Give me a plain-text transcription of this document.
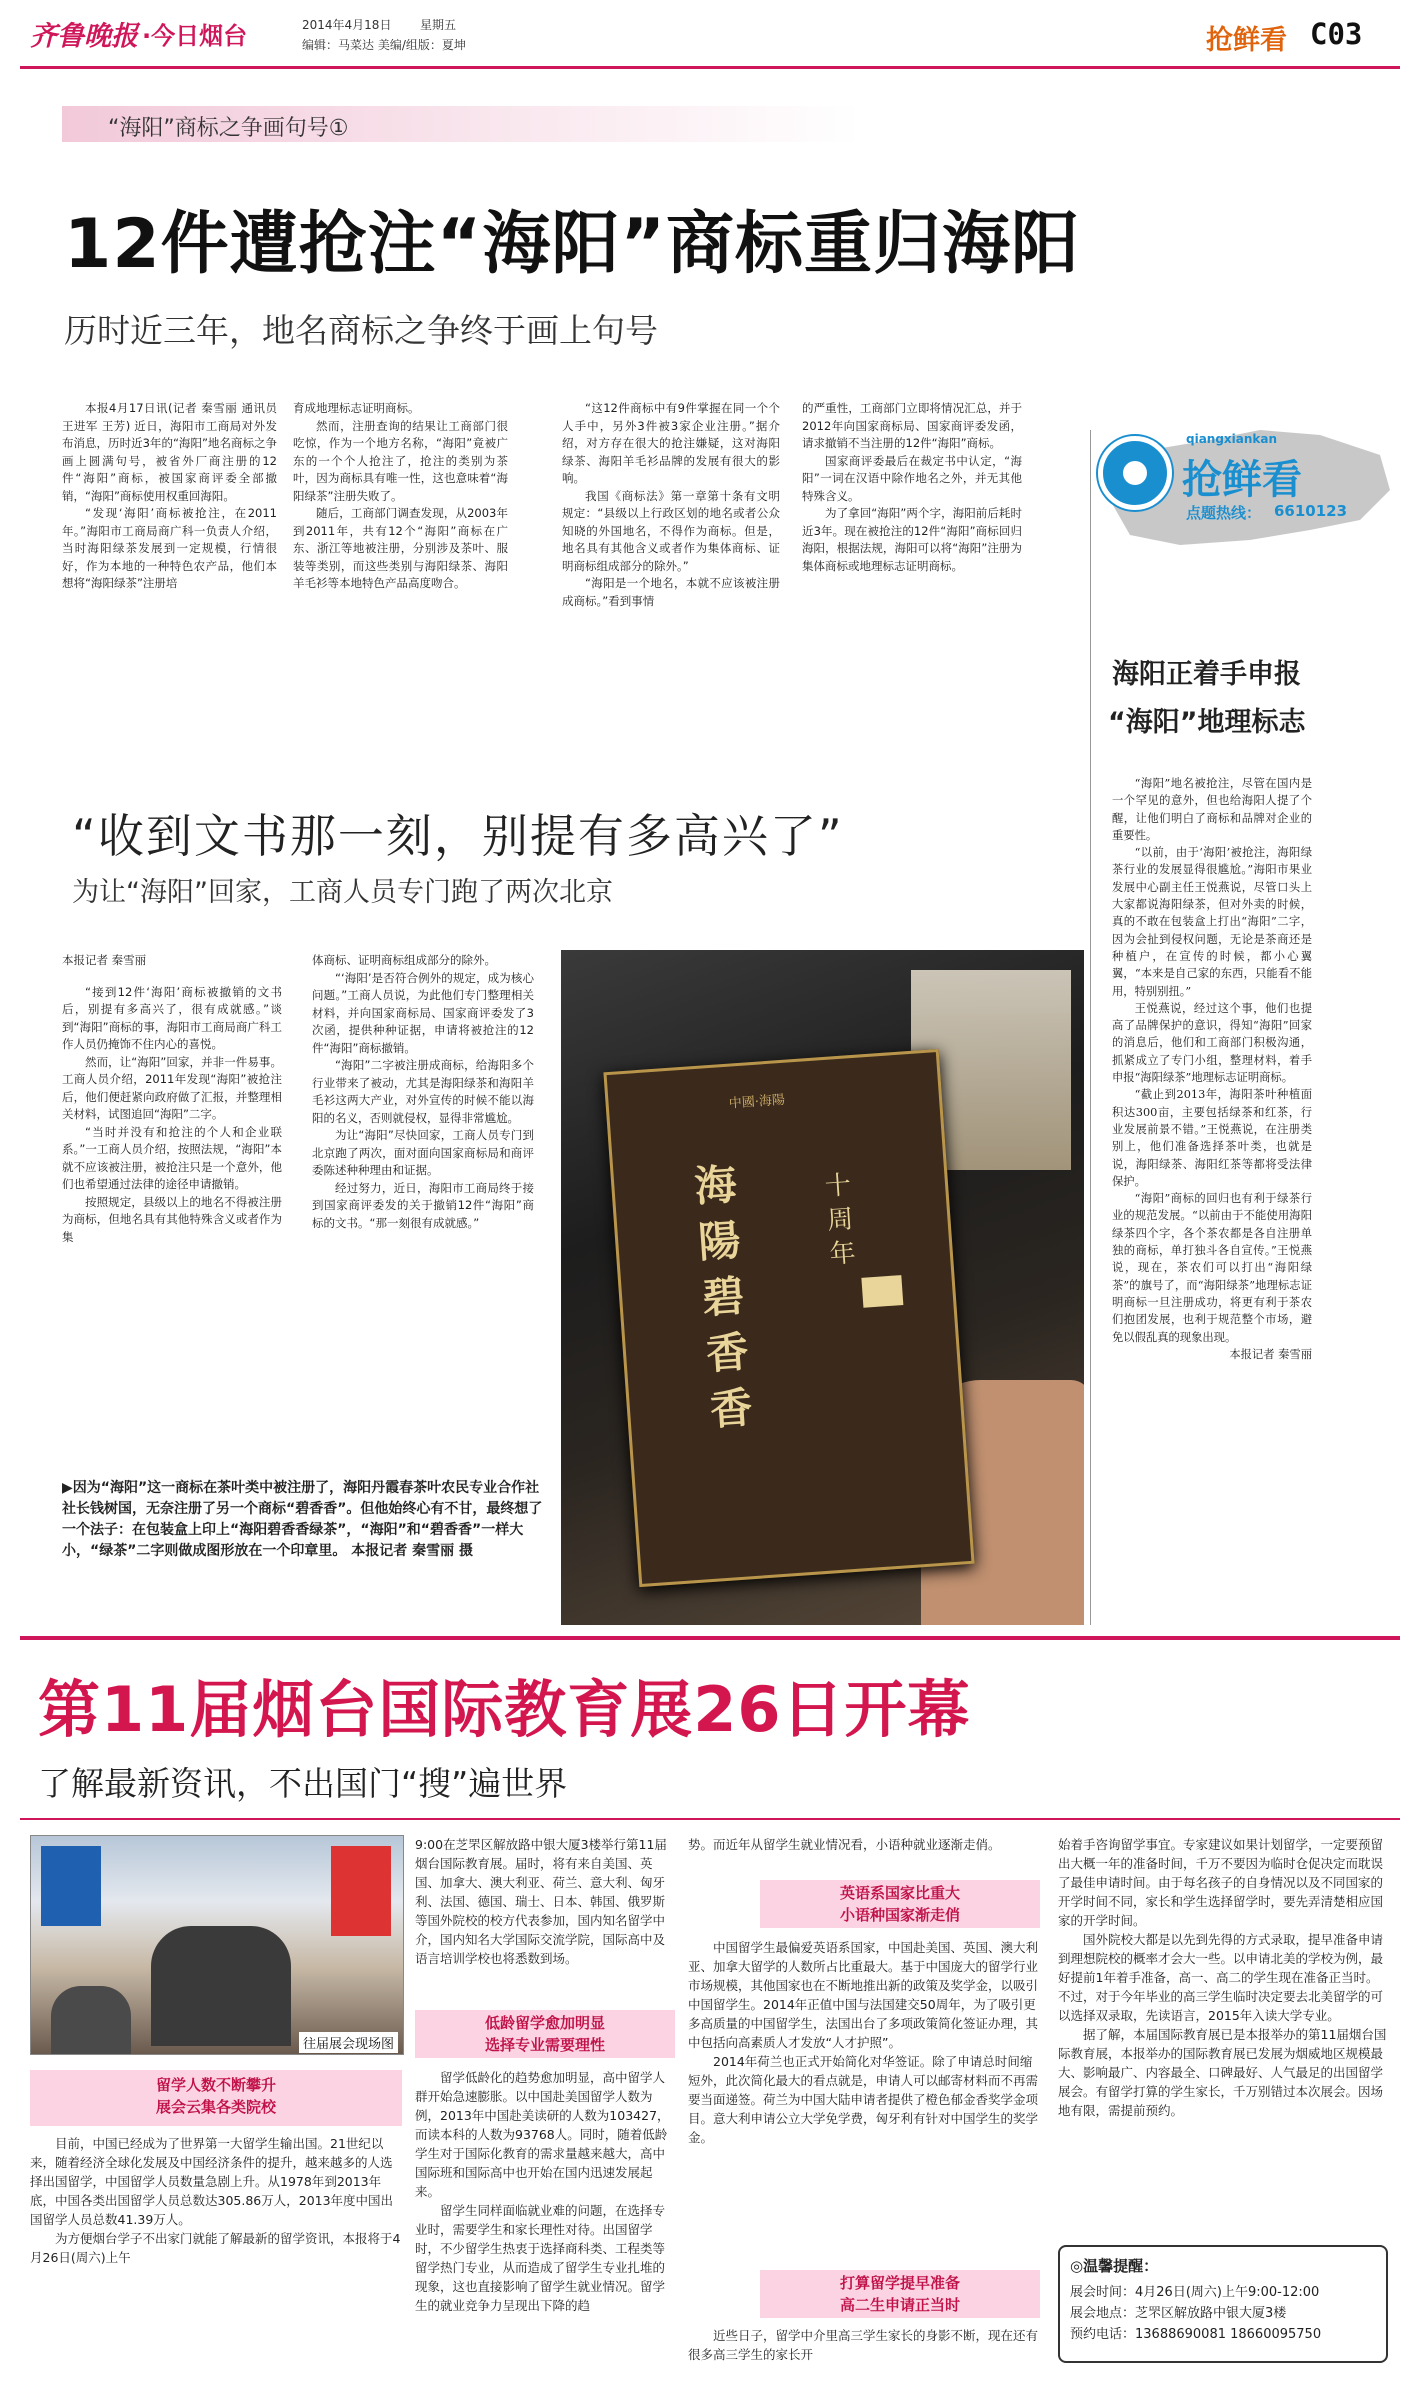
齐鲁晚报 ·今日烟台	2014年4月18日 星期五
编辑：马菜达 美编/组版：夏坤	抢鲜看 C03
“海阳”商标之争画句号①
12件遭抢注“海阳”商标重归海阳
历时近三年，地名商标之争终于画上句号

本报4月17日讯(记者 秦雪丽 通讯员 王进军 王芳) 近日，海阳市工商局对外发布消息，历时近3年的“海阳”地名商标之争画上圆满句号，被省外厂商注册的12件“海阳”商标，被国家商评委全部撤销，“海阳”商标使用权重回海阳。

“发现‘海阳’商标被抢注，在2011年。”海阳市工商局商广科一负责人介绍，当时海阳绿茶发展到一定规模，行情很好，作为本地的一种特色农产品，他们本想将“海阳绿茶”注册培

育成地理标志证明商标。

然而，注册查询的结果让工商部门很吃惊，作为一个地方名称，“海阳”竟被广东的一个个人抢注了，抢注的类别为茶叶，因为商标具有唯一性，这也意味着“海阳绿茶”注册失败了。

随后，工商部门调查发现，从2003年到2011年，共有12个“海阳”商标在广东、浙江等地被注册，分别涉及茶叶、服装等类别，而这些类别与海阳绿茶、海阳羊毛衫等本地特色产品高度吻合。

“这12件商标中有9件掌握在同一个个人手中，另外3件被3家企业注册。”据介绍，对方存在很大的抢注嫌疑，这对海阳绿茶、海阳羊毛衫品牌的发展有很大的影响。

我国《商标法》第一章第十条有文明规定：“县级以上行政区划的地名或者公众知晓的外国地名，不得作为商标。但是，地名具有其他含义或者作为集体商标、证明商标组成部分的除外。”

“海阳是一个地名，本就不应该被注册成商标。”看到事情

的严重性，工商部门立即将情况汇总，并于2012年向国家商标局、国家商评委发函，请求撤销不当注册的12件“海阳”商标。

国家商评委最后在裁定书中认定，“海阳”一词在汉语中除作地名之外，并无其他特殊含义。

为了拿回“海阳”两个字，海阳前后耗时近3年。现在被抢注的12件“海阳”商标回归海阳，根据法规，海阳可以将“海阳”注册为集体商标或地理标志证明商标。

qiangxiankan
抢鲜看
点题热线： 6610123
海阳正着手申报
“海阳”地理标志

“海阳”地名被抢注，尽管在国内是一个罕见的意外，但也给海阳人提了个醒，让他们明白了商标和品牌对企业的重要性。

“以前，由于‘海阳’被抢注，海阳绿茶行业的发展显得很尴尬。”海阳市果业发展中心副主任王悦燕说，尽管口头上大家都说海阳绿茶，但对外卖的时候，真的不敢在包装盒上打出“海阳”二字，因为会扯到侵权问题，无论是茶商还是种植户，在宣传的时候，都小心翼翼，“本来是自己家的东西，只能看不能用，特别别扭。”

王悦燕说，经过这个事，他们也提高了品牌保护的意识，得知“海阳”回家的消息后，他们和工商部门积极沟通，抓紧成立了专门小组，整理材料，着手申报“海阳绿茶”地理标志证明商标。

“截止到2013年，海阳茶叶种植面积达300亩，主要包括绿茶和红茶，行业发展前景不错。”王悦燕说，在注册类别上，他们准备选择茶叶类，也就是说，海阳绿茶、海阳红茶等都将受法律保护。

“海阳”商标的回归也有利于绿茶行业的规范发展。“以前由于不能使用海阳绿茶四个字，各个茶农都是各自注册单独的商标，单打独斗各自宣传。”王悦燕说，现在，茶农们可以打出“海阳绿茶”的旗号了，而“海阳绿茶”地理标志证明商标一旦注册成功，将更有利于茶农们抱团发展，也利于规范整个市场，避免以假乱真的现象出现。

本报记者 秦雪丽

“收到文书那一刻，别提有多高兴了”
为让“海阳”回家，工商人员专门跑了两次北京

本报记者 秦雪丽

“接到12件‘海阳’商标被撤销的文书后，别提有多高兴了，很有成就感。”谈到“海阳”商标的事，海阳市工商局商广科工作人员仍掩饰不住内心的喜悦。

然而，让“海阳”回家，并非一件易事。工商人员介绍，2011年发现“海阳”被抢注后，他们便赶紧向政府做了汇报，并整理相关材料，试图追回“海阳”二字。

“当时并没有和抢注的个人和企业联系。”一工商人员介绍，按照法规，“海阳”本就不应该被注册，被抢注只是一个意外，他们也希望通过法律的途径申请撤销。

按照规定，县级以上的地名不得被注册为商标，但地名具有其他特殊含义或者作为集

体商标、证明商标组成部分的除外。

“‘海阳’是否符合例外的规定，成为核心问题。”工商人员说，为此他们专门整理相关材料，并向国家商标局、国家商评委发了3次函，提供种种证据，申请将被抢注的12件“海阳”商标撤销。

“海阳”二字被注册成商标，给海阳多个行业带来了被动，尤其是海阳绿茶和海阳羊毛衫这两大产业，对外宣传的时候不能以海阳的名义，否则就侵权，显得非常尴尬。

为让“海阳”尽快回家，工商人员专门到北京跑了两次，面对面向国家商标局和商评委陈述种种理由和证据。

经过努力，近日，海阳市工商局终于接到国家商评委发的关于撤销12件“海阳”商标的文书。“那一刻很有成就感。”

▶因为“海阳”这一商标在茶叶类中被注册了，海阳丹霞春茶叶农民专业合作社社长钱树国，无奈注册了另一个商标“碧香香”。但他始终心有不甘，最终想了一个法子：在包装盒上印上“海阳碧香香绿茶”，“海阳”和“碧香香”一样大小，“绿茶”二字则做成图形放在一个印章里。 本报记者 秦雪丽 摄
中國·海陽
海陽碧香香
十周年
第11届烟台国际教育展26日开幕
了解最新资讯，不出国门“搜”遍世界
往届展会现场图
留学人数不断攀升
展会云集各类院校

目前，中国已经成为了世界第一大留学生输出国。21世纪以来，随着经济全球化发展及中国经济条件的提升，越来越多的人选择出国留学，中国留学人员数量急剧上升。从1978年到2013年底，中国各类出国留学人员总数达305.86万人，2013年度中国出国留学人员总数41.39万人。

为方便烟台学子不出家门就能了解最新的留学资讯，本报将于4月26日(周六)上午

9:00在芝罘区解放路中银大厦3楼举行第11届烟台国际教育展。届时，将有来自美国、英国、加拿大、澳大利亚、荷兰、意大利、匈牙利、法国、德国、瑞士、日本、韩国、俄罗斯等国外院校的校方代表参加，国内知名留学中介，国内知名大学国际交流学院，国际高中及语言培训学校也将悉数到场。

低龄留学愈加明显
选择专业需要理性

留学低龄化的趋势愈加明显，高中留学人群开始急速膨胀。以中国赴美国留学人数为例，2013年中国赴美读研的人数为103427，而读本科的人数为93768人。同时，随着低龄学生对于国际化教育的需求量越来越大，高中国际班和国际高中也开始在国内迅速发展起来。

留学生同样面临就业难的问题，在选择专业时，需要学生和家长理性对待。出国留学时，不少留学生热衷于选择商科类、工程类等留学热门专业，从而造成了留学生专业扎堆的现象，这也直接影响了留学生就业情况。留学生的就业竞争力呈现出下降的趋

势。而近年从留学生就业情况看，小语种就业逐渐走俏。

英语系国家比重大
小语种国家渐走俏

中国留学生最偏爱英语系国家，中国赴美国、英国、澳大利亚、加拿大留学的人数所占比重最大。基于中国庞大的留学行业市场规模，其他国家也在不断地推出新的政策及奖学金，以吸引中国留学生。2014年正值中国与法国建交50周年，为了吸引更多高质量的中国留学生，法国出台了多项政策简化签证办理，其中包括向高素质人才发放“人才护照”。

2014年荷兰也正式开始简化对华签证。除了申请总时间缩短外，此次简化最大的看点就是，申请人可以邮寄材料而不再需要当面递签。荷兰为中国大陆申请者提供了橙色郁金香奖学金项目。意大利申请公立大学免学费，匈牙利有针对中国学生的奖学金。

打算留学提早准备
高二生申请正当时

近些日子，留学中介里高三学生家长的身影不断，现在还有很多高三学生的家长开

始着手咨询留学事宜。专家建议如果计划留学，一定要预留出大概一年的准备时间，千万不要因为临时仓促决定而耽误了最佳申请时间。由于每名孩子的自身情况以及不同国家的开学时间不同，家长和学生选择留学时，要先弄清楚相应国家的开学时间。

国外院校大都是以先到先得的方式录取，提早准备申请到理想院校的概率才会大一些。以申请北美的学校为例，最好提前1年着手准备，高一、高二的学生现在准备正当时。不过，对于今年毕业的高三学生临时决定要去北美留学的可以选择双录取，先读语言，2015年入读大学专业。

据了解，本届国际教育展已是本报举办的第11届烟台国际教育展，本报举办的国际教育展已发展为烟威地区规模最大、影响最广、内容最全、口碑最好、人气最足的出国留学展会。有留学打算的学生家长，千万别错过本次展会。因场地有限，需提前预约。

◎温馨提醒：
展会时间：4月26日(周六)上午9:00-12:00
展会地点：芝罘区解放路中银大厦3楼
预约电话：13688690081 18660095750
